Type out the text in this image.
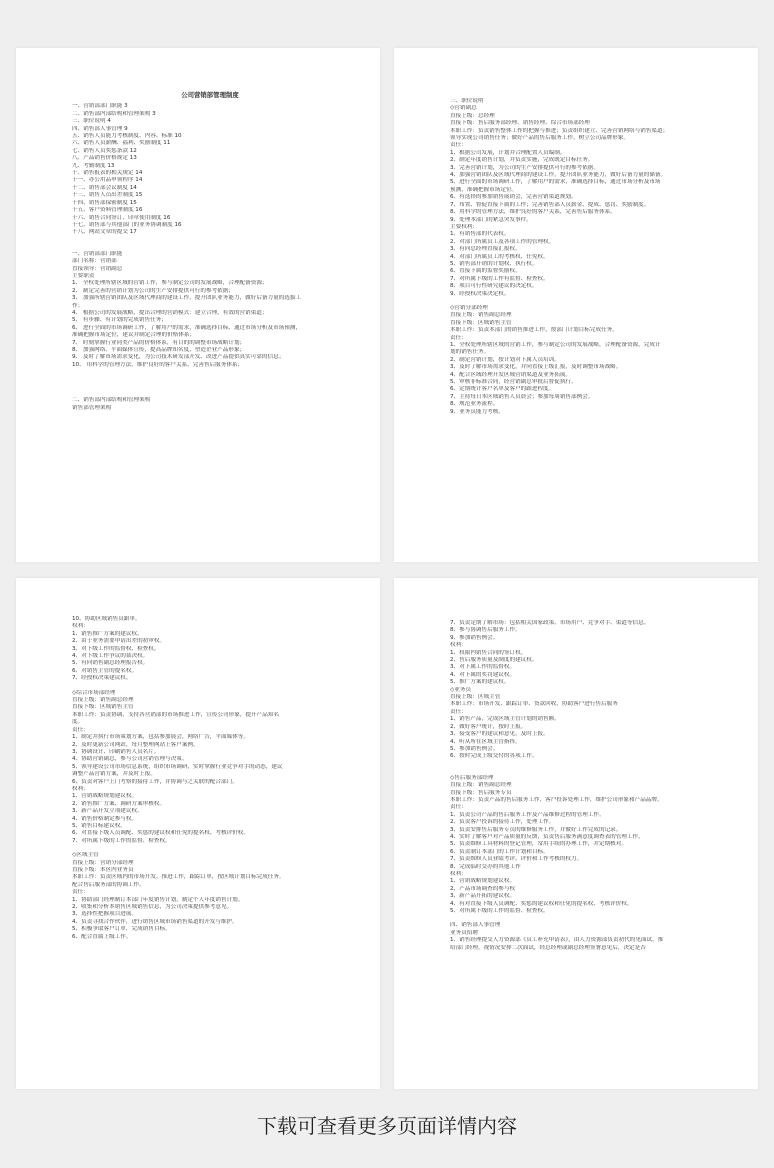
公司营销部管理制度
一、营销部部门职能 3
二、销售部内部结构和管理架构 3
三、职位说明 4
四、销售部人事管理 9
五、销售人员能力考核制度、内容、标准 10
六、销售人员薪酬、福利、奖励制度 11
七、销售人员奖惩条款 12
八、产品销售价格规定 13
九、考勤制度 13
十、销售报表的相关规定 14
十一、办公用品申领程序 14
十二、销售部会议制度 14
十三、销售人员出差制度 15
十四、销售部保密制度 15
十五、客户资料管理制度 16
十六、销售合同签订、印章使用制度 16
十七、销售部与其他部门的业务协调制度 16
十八、网站文章的提交 17
一、营销部部门职能
部门名称：营销部
直接领导：营销副总
主要职责
1、 全权处理所辖区域的营销工作，参与制定公司的发展战略，合理配备资源；
2、 制定完善的营销计划为公司的生产安排提供可行的参考依据；
3、 加强所辖营销团队及区域代理商的建设工作，提升团队业务能力，做好后备力量的选拔工
作；
4、 根据公司的发展战略，提出合理的营销模式：建立合理、有效的营销渠道；
5、 有步骤、有计划的完成销售任务；
6、 进行全面的市场调研工作，了解用户的需求，准确选择目标，通过市场分析及市场预测，
准确把握市场定位，建议并制定合理的价格体系；
7、 时刻掌握行业同类产品的价格体系，有目的的调整市场战略计划；
8、 加强网络、平面媒体宣传，提高品牌知名度，塑造企业产品形象；
9、 及时了解市场需求变化，为公司技术研发部开发、改进产品提供真实可靠的信息；
10、 用科学的管理方法，维护良好的客户关系，完善售后服务体系；
二、销售部内部结构和管理架构
销售部管理架构
三、职位说明
◇营销副总
直接上级：总经理
直接下级：售后服务部经理、销售经理、综合市场部经理
本职工作：负责销售整体工作的把握与推进；负责组织建立、完善营销网络与销售渠道；
领导实现公司销售任务；做好产品的售后服务工作，树立公司品牌形象。
责任：
1、根据公司发展，计划并合理配置人员编制。
2、制定年度销售计划，并负责实施，完成既定目标任务。
3、完善营销计划，为公司的生产安排提供可行的参考依据。
4、加强营销团队及区域代理商的建设工作，提升团队业务能力，做好后备力量的储备。
5、进行全面的市场调研工作，了解用户的需求，准确选择目标，通过市场分析及市场
预测，准确把握市场定位。
6、有选择的参加销售展销会，完善营销渠道规划。
7、布置、督促直接下属的工作；完善销售部人员薪金、提成、惩罚、奖励制度。
8、用科学的管理方法，维护良好的客户关系，完善售后服务体系。
9、处理本部门的紧急突发事件。
主要权利：
1、有销售部的代表权。
2、对部门所属员工及各项工作的管理权。
3、有向总经理直接汇报权。
4、对部门所属员工的考核权、任免权。
5、销售部开销的计划权、执行权。
6、直接下属的监督奖励权。
7、对所属下级的工作有监督、检查权。
8、项目可行性研究建议的决定权。
9、经授权决策决定权。
◇营销分部经理
直接上级：销售副总经理
直接下级：区域销售主管
本职工作：负责本部门的销售推进工作，按部门计划目标完成任务。
责任：
1、全权处理所辖区域的营销工作，参与制定公司的发展战略，合理配备资源，完成计
划的销售任务。
2、制定营销计划，按计划对下属人员培训。
3、及时了解市场需求变化，并向直接上级汇报，及时调整市场战略。
4、配合区域经理开发区域营销渠道及业务拓展。
5、审核非标准合同，经营销副总审批后督促执行。
6、定期统计客户名单及客户的跟进程度。
7、主持每日本区域销售人员晨会；参加每周销售部例会。
8、规范业务流程。
9、业务员能力考核。
10、协助区域销售员跟单。
权利：
1、销售推广方案的建议权。
2、由于业务需要申请出差的初审权。
3、对下级工作的监督权、检查权。
4、对下级工作争议的裁决权。
5、有向销售副总经理报告权。
6、对销售主管的提名权。
7、经授权决策建议权。
◇综合市场部经理
直接上级：销售副总经理
直接下级：区域销售主管
本职工作：负责协调、支持各营销部的市场推进工作，宣传公司形象，提升产品知名
度。
责任：
1、制定并执行市场策划方案，包括参加展会，网络广告，平面媒体等。
2、及时更新公司网站，每月整理网站上客户案例。
3、协调设计、印刷销售人员名片。
4、协助营销副总，参与公司营销管理与决策。
5、领导建设公司市场信息系统，组织市场调研，实时掌握行业竞争对手的动态，建议
调整产品营销方案，并及时上报。
6、负责对客户上门考察的接待工作，并协调与之关联的配合部门。
权利：
1、营销战略规划建议权。
2、销售推广方案、调研方案审核权。
3、新产品开发立项建议权。
4、销售价格制定参与权。
5、销售目标建议权。
6、对直接下级人员调配、奖惩的建议权和任免的提名权、考核评价权。
7、对所属下级的工作的监督、检查权。
◇区域主管
直接上级：营销分部经理
直接下级：本区内业务员
本职工作：负责区域内的市场开发、推进工作，跟踪订单，按区域计划目标完成任务。
配合售后服务部的协调工作。
责任：
1、协助部门经理制订本部门年度销售计划，制定个人年度销售计划。
2、收集和分析本销售区域销售信息，为公司决策提供参考意见。
3、选择性把握项目进展。
4、负责寻找合作伙伴，进行销售区域市场销售渠道的开发与维护。
5、积极争取客户订单，完成销售目标。
6、配合直属上级工作。
7、负责定期了解市场：包括相关国家政策、市场用户、竞争对手、渠道等信息。
8、参与协调售后服务工作。
9、参加销售例会。
权利：
1、权限内销售合同的签订权。
2、售后服务质量及制度的建议权。
3、对下属工作的监督权。
4、对下属的奖罚建议权。
5、推广方案的建议权。
◇业务员
直接上级：区域主管
本职工作：市场开发、跟踪订单、货款回收，协助客户进行售后服务
责任：
1、销售产品，完成区域主管计划的销售额。
2、做好客户统计，按时上报。
3、接受客户的建议和意见，及时上报。
4、听从所在区域主管指挥。
5、参加销售例会。
6、按时完成上级交付的各项工作。
◇售后服务部经理
直接上级：销售副总经理
直接下级：售后服务专员
本职工作：负责产品的售后服务工作，客户投诉处理工作，维护公司形象和产品品牌。
责任：
1、负责公司产品的售后服务工作及产品维修过程的管理工作。
2、负责客户投诉的接待工作，处理工作。
3、负责安排售后服务专员的维修服务工作，并做好工作完成的记录。
4、实时了解客户对产品质量的反馈，负责售后服务满意度调查表的管理工作。
5、负责维修工具材料的登记管理，常用手续的办理工作，并定期核对。
6、负责制订本部门的工作计划和目标。
7、负责维修人员业绩考评、评价和工作考核的权力。
8、完成临时交办的其他工作
权利：
1、营销战略规划建议权。
2、产品市场调查的参与权
3、新产品开拓的建议权。
4、有对直接下级人员调配、奖惩的建议权和任免的提名权、考核评价权。
5、对所属下级的工作的监督、检查权。
四、销售部人事管理
业务员招聘
1、销售经理提交人力资源部《员工补充申请表》，由人力资源部负责初代的见面试，推
给部门经理，视情况安排二次面试，经总经理或副总经理签署意见后，决定是否
下载可查看更多页面详情内容
